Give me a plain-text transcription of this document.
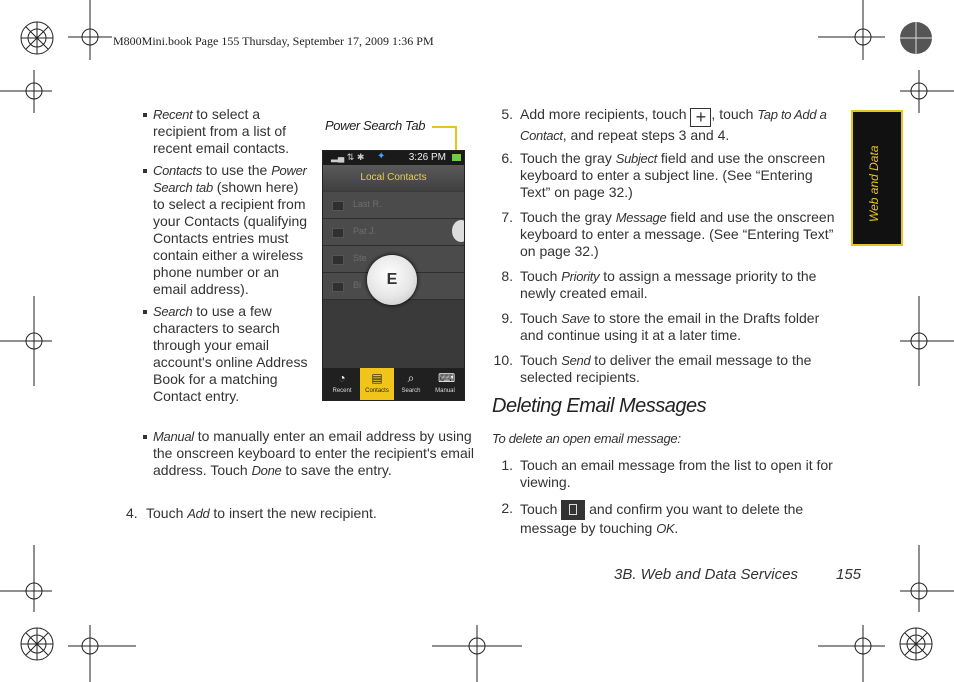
M800Mini.book Page 155 Thursday, September 17, 2009 1:36 PM
Recent to select a recipient from a list of recent email contacts.
Contacts to use the Power Search tab (shown here) to select a recipient from your Contacts (qualifying Contacts entries must contain either a wireless phone number or an email address).
Search to use a few characters to search through your email account's online Address Book for a matching Contact entry.
Manual to manually enter an email address by using the onscreen keyboard to enter the recipient's email address. Touch Done to save the entry.
4. Touch Add to insert the new recipient.
Power Search Tab
▂▄ ⇅ ✱ ✦ 3:26 PM
Local Contacts
Last R.
Pat J.
Ste
Bi	E
◔
Recent
▤
Contacts
⌕
Search
⌨
Manual
5. Add more recipients, touch + , touch Tap to Add a Contact, and repeat steps 3 and 4.
6. Touch the gray Subject field and use the onscreen keyboard to enter a subject line. (See “Entering Text” on page 32.)
7. Touch the gray Message field and use the onscreen keyboard to enter a message. (See “Entering Text” on page 32.)
8. Touch Priority to assign a message priority to the newly created email.
9. Touch Save to store the email in the Drafts folder and continue using it at a later time.
10. Touch Send to deliver the email message to the selected recipients.
Deleting Email Messages
To delete an open email message:
1. Touch an email message from the list to open it for viewing.
2. Touch
and confirm you want to delete the message by touching OK.
Web and Data
3B. Web and Data Services	155
